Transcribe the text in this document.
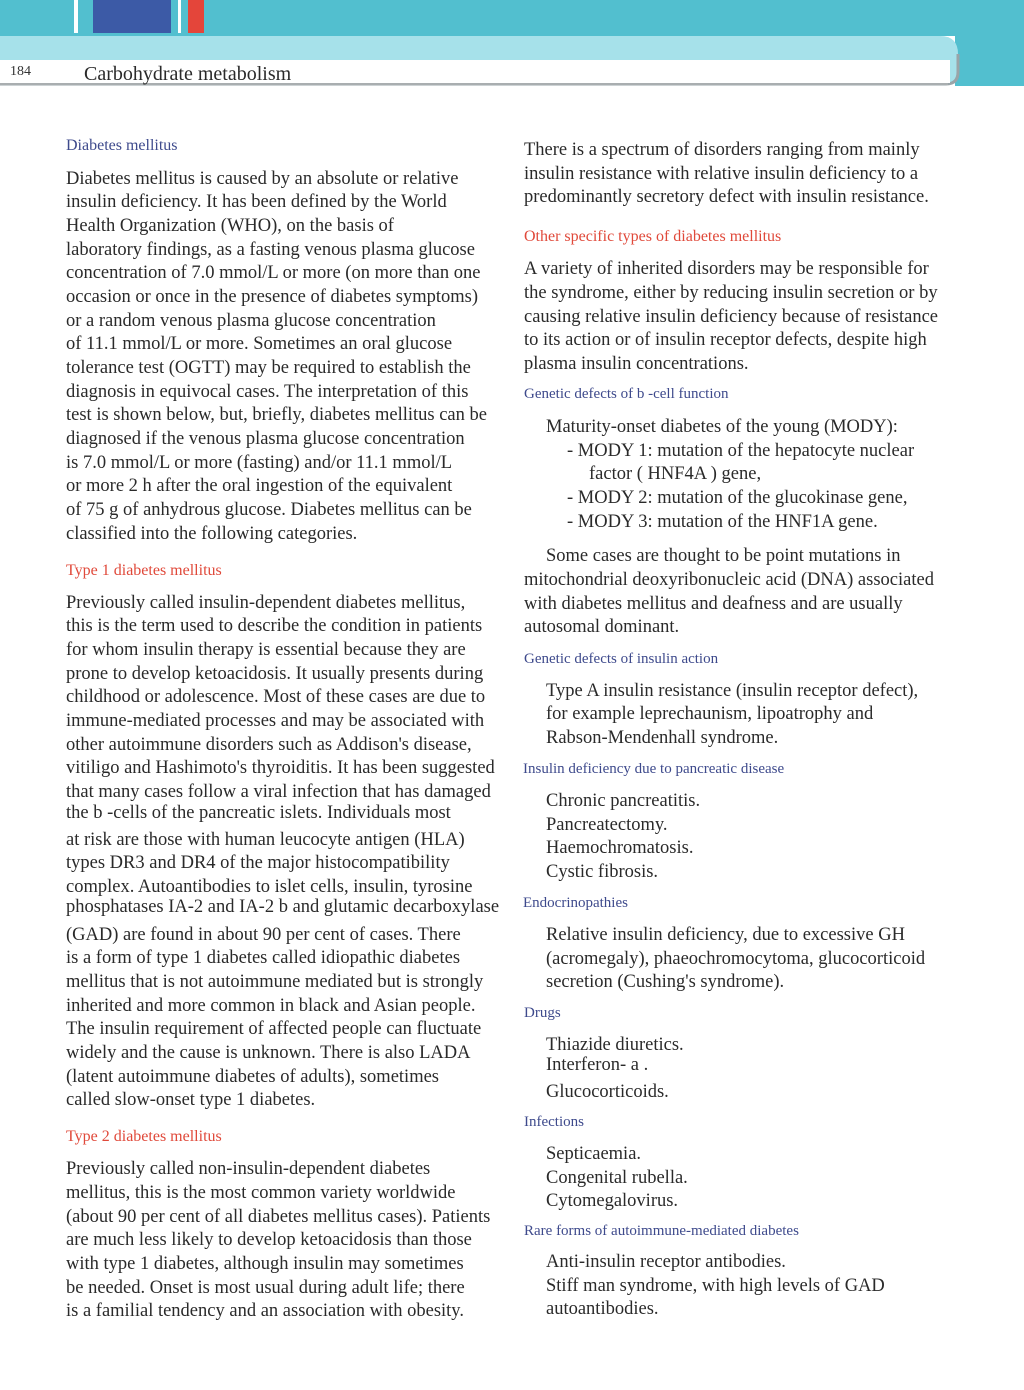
184	Carbohydrate metabolism
Diabetes mellitus
Diabetes mellitus is caused by an absolute or relative
insulin deficiency. It has been defined by the World
Health Organization (WHO), on the basis of
laboratory findings, as a fasting venous plasma glucose
concentration of 7.0 mmol/L or more (on more than one
occasion or once in the presence of diabetes symptoms)
or a random venous plasma glucose concentration
of 11.1 mmol/L or more. Sometimes an oral glucose
tolerance test (OGTT) may be required to establish the
diagnosis in equivocal cases. The interpretation of this
test is shown below, but, briefly, diabetes mellitus can be
diagnosed if the venous plasma glucose concentration
is 7.0 mmol/L or more (fasting) and/or 11.1 mmol/L
or more 2 h after the oral ingestion of the equivalent
of 75 g of anhydrous glucose. Diabetes mellitus can be
classified into the following categories.
Type 1 diabetes mellitus
Previously called insulin-dependent diabetes mellitus,
this is the term used to describe the condition in patients
for whom insulin therapy is essential because they are
prone to develop ketoacidosis. It usually presents during
childhood or adolescence. Most of these cases are due to
immune-mediated processes and may be associated with
other autoimmune disorders such as Addison's disease,
vitiligo and Hashimoto's thyroiditis. It has been suggested
that many cases follow a viral infection that has damaged
the b -cells of the pancreatic islets. Individuals most
at risk are those with human leucocyte antigen (HLA)
types DR3 and DR4 of the major histocompatibility
complex. Autoantibodies to islet cells, insulin, tyrosine
phosphatases IA-2 and IA-2 b and glutamic decarboxylase
(GAD) are found in about 90 per cent of cases. There
is a form of type 1 diabetes called idiopathic diabetes
mellitus that is not autoimmune mediated but is strongly
inherited and more common in black and Asian people.
The insulin requirement of affected people can fluctuate
widely and the cause is unknown. There is also LADA
(latent autoimmune diabetes of adults), sometimes
called slow-onset type 1 diabetes.
Type 2 diabetes mellitus
Previously called non-insulin-dependent diabetes
mellitus, this is the most common variety worldwide
(about 90 per cent of all diabetes mellitus cases). Patients
are much less likely to develop ketoacidosis than those
with type 1 diabetes, although insulin may sometimes
be needed. Onset is most usual during adult life; there
is a familial tendency and an association with obesity.
There is a spectrum of disorders ranging from mainly
insulin resistance with relative insulin deficiency to a
predominantly secretory defect with insulin resistance.
Other specific types of diabetes mellitus
A variety of inherited disorders may be responsible for
the syndrome, either by reducing insulin secretion or by
causing relative insulin deficiency because of resistance
to its action or of insulin receptor defects, despite high
plasma insulin concentrations.
Genetic defects of b -cell function
Maturity-onset diabetes of the young (MODY):
- MODY 1: mutation of the hepatocyte nuclear
factor ( HNF4A ) gene,
- MODY 2: mutation of the glucokinase gene,
- MODY 3: mutation of the HNF1A gene.
Some cases are thought to be point mutations in
mitochondrial deoxyribonucleic acid (DNA) associated
with diabetes mellitus and deafness and are usually
autosomal dominant.
Genetic defects of insulin action
Type A insulin resistance (insulin receptor defect),
for example leprechaunism, lipoatrophy and
Rabson-Mendenhall syndrome.
Insulin deficiency due to pancreatic disease
Chronic pancreatitis.
Pancreatectomy.
Haemochromatosis.
Cystic fibrosis.
Endocrinopathies
Relative insulin deficiency, due to excessive GH
(acromegaly), phaeochromocytoma, glucocorticoid
secretion (Cushing's syndrome).
Drugs
Thiazide diuretics.
Interferon- a .
Glucocorticoids.
Infections
Septicaemia.
Congenital rubella.
Cytomegalovirus.
Rare forms of autoimmune-mediated diabetes
Anti-insulin receptor antibodies.
Stiff man syndrome, with high levels of GAD
autoantibodies.
